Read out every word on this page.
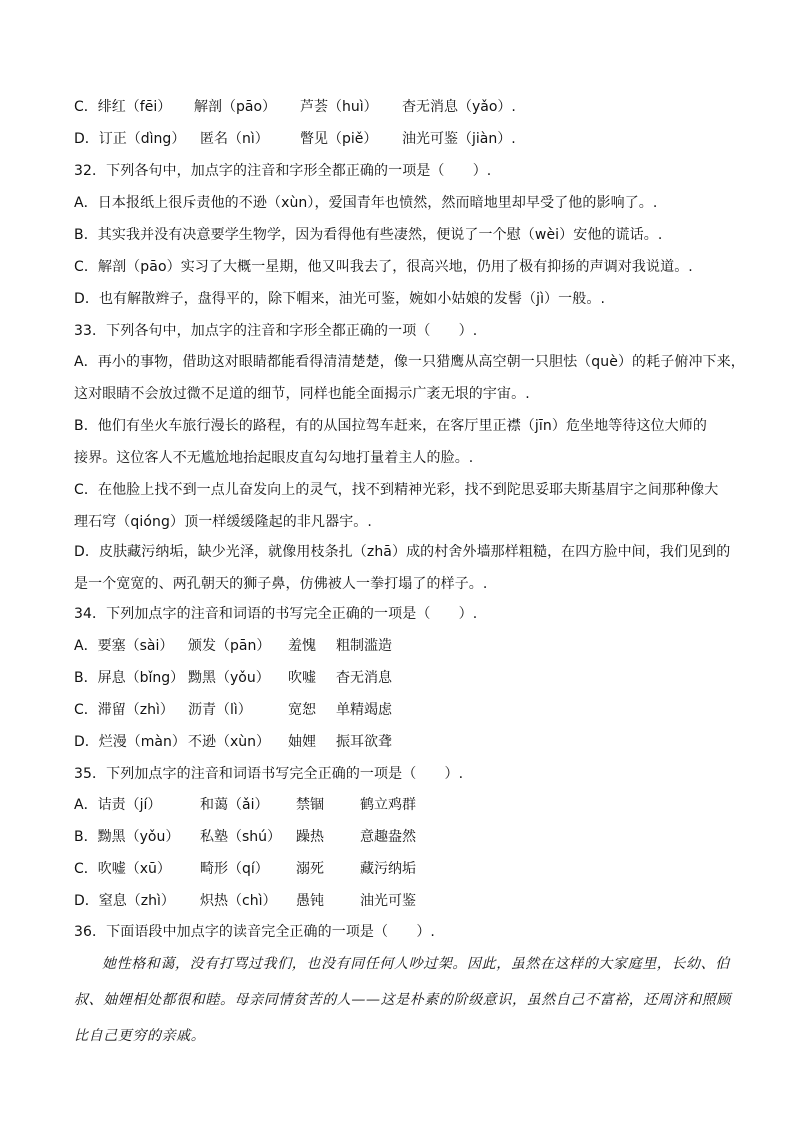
C．绯红（fēi） 解剖（pāo） 芦荟（huì） 杳无消息（yǎo）.
D．订正（dìng） 匿名（nì） 瞥见（piě） 油光可鉴（jiàn）.
32．下列各句中，加点字的注音和字形全都正确的一项是（　　）.
A．日本报纸上很斥责他的不逊（xùn），爱国青年也愤然，然而暗地里却早受了他的影响了。.
B．其实我并没有决意要学生物学，因为看得他有些凄然，便说了一个慰（wèi）安他的谎话。.
C．解剖（pāo）实习了大概一星期，他又叫我去了，很高兴地，仍用了极有抑扬的声调对我说道。.
D．也有解散辫子，盘得平的，除下帽来，油光可鉴，婉如小姑娘的发髻（jì）一般。.
33．下列各句中，加点字的注音和字形全都正确的一项（　　）.
A．再小的事物，借助这对眼睛都能看得清清楚楚，像一只猎鹰从高空朝一只胆怯（què）的耗子俯冲下来，
这对眼睛不会放过微不足道的细节，同样也能全面揭示广袤无垠的宇宙。.
B．他们有坐火车旅行漫长的路程，有的从国拉驾车赶来，在客厅里正襟（jīn）危坐地等待这位大师的
接界。这位客人不无尴尬地抬起眼皮直勾勾地打量着主人的脸。.
C．在他脸上找不到一点儿奋发向上的灵气，找不到精神光彩，找不到陀思妥耶夫斯基眉宇之间那种像大
理石穹（qióng）顶一样缓缓隆起的非凡器宇。.
D．皮肤藏污纳垢，缺少光泽，就像用枝条扎（zhā）成的村舍外墙那样粗糙，在四方脸中间，我们见到的
是一个宽宽的、两孔朝天的狮子鼻，仿佛被人一拳打塌了的样子。.
34．下列加点字的注音和词语的书写完全正确的一项是（　　）.
A．要塞（sài） 颁发（pān） 羞愧 粗制滥造
B．屏息（bǐng） 黝黑（yǒu） 吹嘘 杳无消息
C．滞留（zhì） 沥青（lì）	宽恕 单精竭虑
D．烂漫（màn） 不逊（xùn） 妯娌 振耳欲聋
35．下列加点字的注音和词语书写完全正确的一项是（　　）.
A．诘责（jí）	和蔼（ǎi） 禁锢	鹤立鸡群
B．黝黑（yǒu） 私塾（shú） 躁热	意趣盎然
C．吹嘘（xū） 畸形（qí） 溺死	藏污纳垢
D．窒息（zhì） 炽热（chì） 愚钝	油光可鉴
36．下面语段中加点字的读音完全正确的一项是（　　）.
她性格和蔼，没有打骂过我们，也没有同任何人吵过架。因此，虽然在这样的大家庭里，长幼、伯叔、妯娌相处都很和睦。母亲同情贫苦的人——这是朴素的阶级意识，虽然自己不富裕，还周济和照顾比自己更穷的亲戚。
